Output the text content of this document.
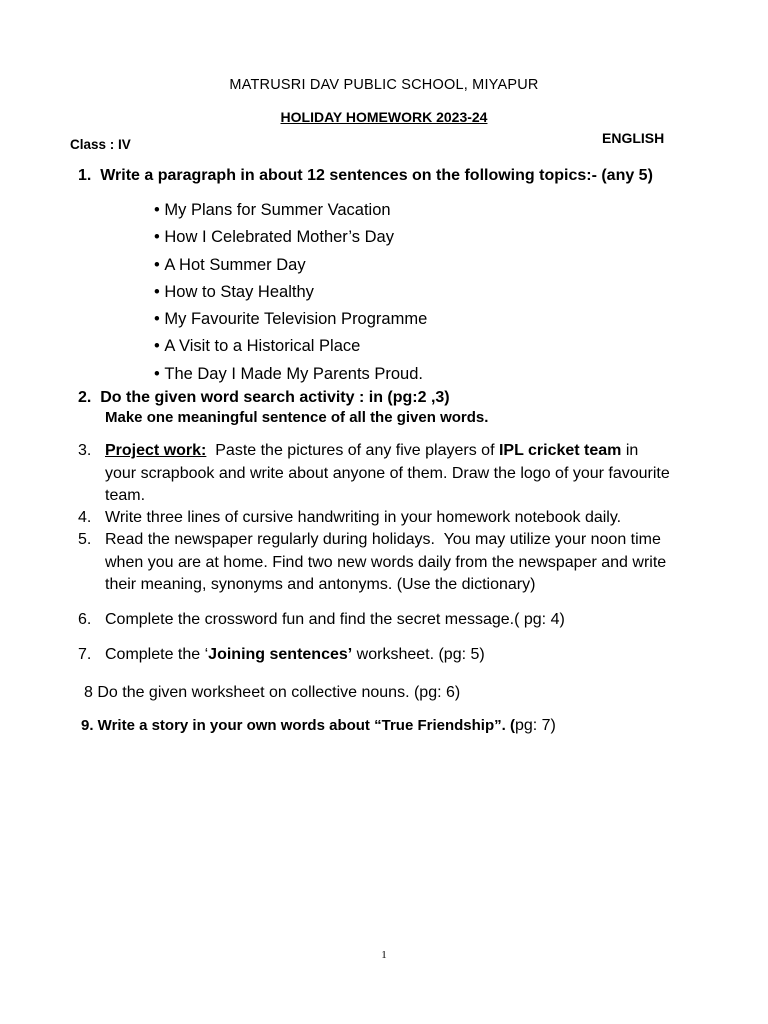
MATRUSRI DAV PUBLIC SCHOOL, MIYAPUR
HOLIDAY HOMEWORK 2023-24
Class : IV	ENGLISH
1. Write a paragraph in about 12 sentences on the following topics:- (any 5)
• My Plans for Summer Vacation
• How I Celebrated Mother’s Day
• A Hot Summer Day
• How to Stay Healthy
• My Favourite Television Programme
• A Visit to a Historical Place
• The Day I Made My Parents Proud.
2. Do the given word search activity : in (pg:2 ,3)
Make one meaningful sentence of all the given words.
3. Project work:  Paste the pictures of any five players of IPL cricket team in
your scrapbook and write about anyone of them. Draw the logo of your favourite
team.
4. Write three lines of cursive handwriting in your homework notebook daily.
5. Read the newspaper regularly during holidays.  You may utilize your noon time
when you are at home. Find two new words daily from the newspaper and write
their meaning, synonyms and antonyms. (Use the dictionary)
6. Complete the crossword fun and find the secret message.( pg: 4)
7. Complete the ‘Joining sentences’ worksheet. (pg: 5)
8 Do the given worksheet on collective nouns. (pg: 6)
9. Write a story in your own words about “True Friendship”. (pg: 7)
1
